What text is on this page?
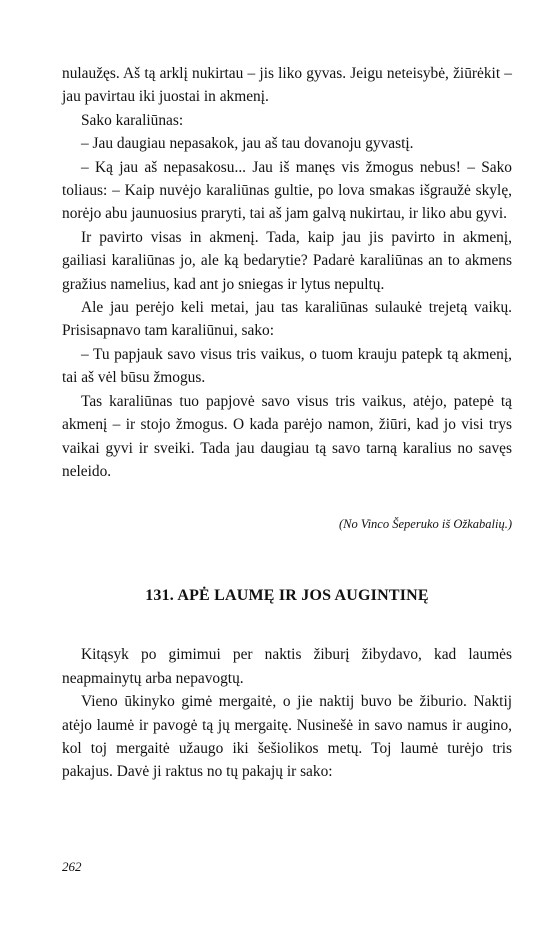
nulaužęs. Aš tą arklį nukirtau – jis liko gyvas. Jeigu neteisybė, žiūrėkit – jau pavirtau iki juostai in akmenį.

Sako karaliūnas:

– Jau daugiau nepasakok, jau aš tau dovanoju gyvastį.

– Ką jau aš nepasakosu... Jau iš manęs vis žmogus nebus! – Sako toliaus: – Kaip nuvėjo karaliūnas gultie, po lova smakas išgraužė skylę, norėjo abu jaunuosius praryti, tai aš jam galvą nukirtau, ir liko abu gyvi.

Ir pavirto visas in akmenį. Tada, kaip jau jis pavirto in akmenį, gailiasi karaliūnas jo, ale ką bedarytie? Padarė karaliūnas an to akmens gražius namelius, kad ant jo sniegas ir lytus nepultų.

Ale jau perėjo keli metai, jau tas karaliūnas sulaukė trejetą vaikų. Prisisapnavo tam karaliūnui, sako:

– Tu papjauk savo visus tris vaikus, o tuom krauju patepk tą akmenį, tai aš vėl būsu žmogus.

Tas karaliūnas tuo papjovė savo visus tris vaikus, atėjo, patepė tą akmenį – ir stojo žmogus. O kada parėjo namon, žiūri, kad jo visi trys vaikai gyvi ir sveiki. Tada jau daugiau tą savo tarną karalius no savęs neleido.

(No Vinco Šeperuko iš Ožkabalių.)

131. APĖ LAUMĘ IR JOS AUGINTINĘ

Kitąsyk po gimimui per naktis žiburį žibydavo, kad laumės neapmainytų arba nepavogtų.

Vieno ūkinyko gimė mergaitė, o jie naktij buvo be žiburio. Naktij atėjo laumė ir pavogė tą jų mergaitę. Nusinešė in savo namus ir augino, kol toj mergaitė užaugo iki šešiolikos metų. Toj laumė turėjo tris pakajus. Davė ji raktus no tų pakajų ir sako:

262
